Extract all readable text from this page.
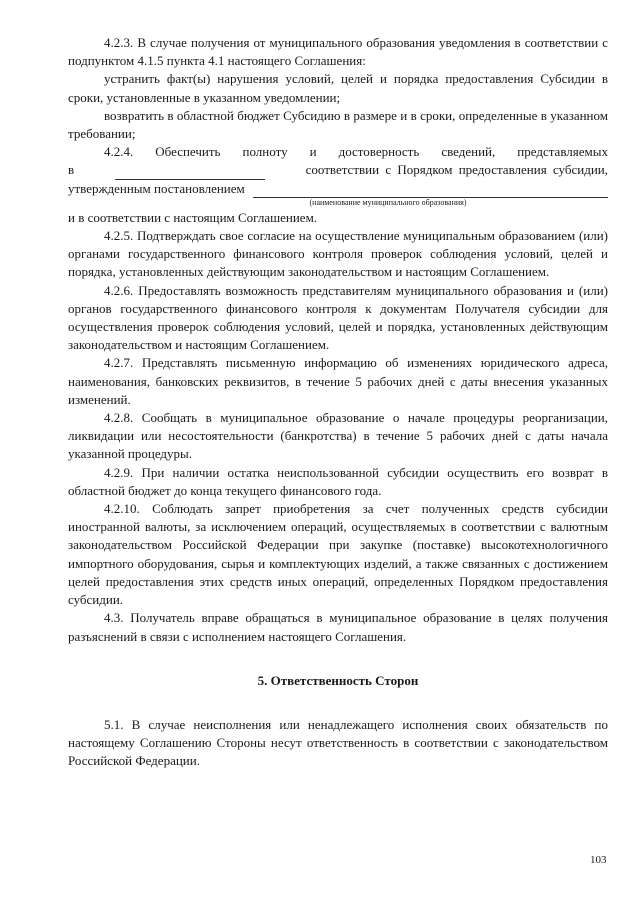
4.2.3. В случае получения от муниципального образования уведомления в соответствии с подпунктом 4.1.5 пункта 4.1 настоящего Соглашения:

устранить факт(ы) нарушения условий, целей и порядка предоставления Субсидии в сроки, установленные в указанном уведомлении;

возвратить в областной бюджет Субсидию в размере и в сроки, определенные в указанном требовании;

4.2.4. Обеспечить полноту и достоверность сведений, представляемых

в	соответствии с Порядком предоставления субсидии,
утвержденным постановлением

(наименование муниципального образования)

и в соответствии с настоящим Соглашением.

4.2.5. Подтверждать свое согласие на осуществление муниципальным образованием (или) органами государственного финансового контроля проверок соблюдения условий, целей и порядка, установленных действующим законодательством и настоящим Соглашением.

4.2.6. Предоставлять возможность представителям муниципального образования и (или) органов государственного финансового контроля к документам Получателя субсидии для осуществления проверок соблюдения условий, целей и порядка, установленных действующим законодательством и настоящим Соглашением.

4.2.7. Представлять письменную информацию об изменениях юридического адреса, наименования, банковских реквизитов, в течение 5 рабочих дней с даты внесения указанных изменений.

4.2.8. Сообщать в муниципальное образование о начале процедуры реорганизации, ликвидации или несостоятельности (банкротства) в течение 5 рабочих дней с даты начала указанной процедуры.

4.2.9. При наличии остатка неиспользованной субсидии осуществить его возврат в областной бюджет до конца текущего финансового года.

4.2.10. Соблюдать запрет приобретения за счет полученных средств субсидии иностранной валюты, за исключением операций, осуществляемых в соответствии с валютным законодательством Российской Федерации при закупке (поставке) высокотехнологичного импортного оборудования, сырья и комплектующих изделий, а также связанных с достижением целей предоставления этих средств иных операций, определенных Порядком предоставления субсидии.

4.3. Получатель вправе обращаться в муниципальное образование в целях получения разъяснений в связи с исполнением настоящего Соглашения.

5. Ответственность Сторон

5.1. В случае неисполнения или ненадлежащего исполнения своих обязательств по настоящему Соглашению Стороны несут ответственность в соответствии с законодательством Российской Федерации.

103
